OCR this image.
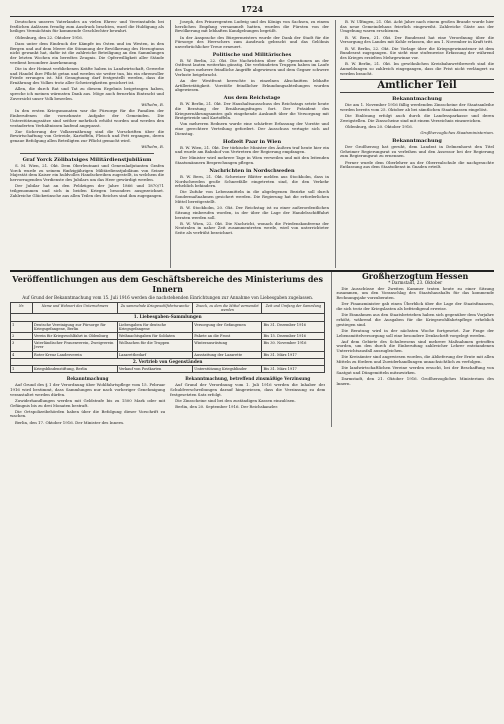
1724

Deutschen unseres Vaterlandes an vielen Ehren- und Vereinstafeln bei festlichen Anlässen freudig zum Ausdruck brachten, ward die Huldigung als heiliges Vermächtnis für kommende Geschlechter bewahrt.

Oldenburg, den 22. Oktober 1916.

Dass unter dem Eindruck der Kämpfe im Osten und im Westen, in den Bergen und auf dem Meere die Stimmung der Bevölkerung des Herzogtums nicht gewankt hat, dafür ist die zahlreiche Beteiligung an den Sammlungen der letzten Wochen ein beredtes Zeugnis. Die Opferwilligkeit aller Stände verdient besondere Anerkennung.

Die in der Heimat verbliebenen Kräfte haben in Landwirtschaft, Gewerbe und Handel ihre Pflicht getan und werden sie weiter tun, bis ein ehrenvoller Friede errungen ist. Mit Genugtuung darf festgestellt werden, dass die Ernährung des Volkes trotz aller Schwierigkeiten gesichert ist.

Allen, die durch Rat und Tat zu diesem Ergebnis beigetragen haben, spreche ich meinen wärmsten Dank aus. Möge auch fernerhin Eintracht und Zuversicht unser Volk beseelen.

Wilhelm, R.

In den ersten Kriegsmonaten war die Fürsorge für die Familien der Einberufenen die vornehmste Aufgabe der Gemeinden. Die Unterstützungssätze sind seither mehrfach erhöht worden und werden den veränderten Verhältnissen laufend angepasst.

Zur Sicherung der Volksernährung sind die Vorschriften über die Bewirtschaftung von Getreide, Kartoffeln, Fleisch und Fett ergangen, deren genaue Befolgung allen Beteiligten zur Pflicht gemacht wird.

Wilhelm, R.
Graf Yorck Zölibatsiges Militärdienstjubiläum

S. M. Wien, 21. Okt. Dem Oberleutnant und Generaladjutanten Grafen Yorck wurde zu seinem fünfzigjährigen Militärdienstjubiläum von Seiner Majestät dem Kaiser ein huldvolles Handschreiben zugestellt, in welchem die hervorragenden Verdienste des Jubilars um das Heer gewürdigt werden.

Der Jubilar hat an den Feldzügen der Jahre 1866 und 1870/71 teilgenommen und sich in beiden Kriegen besonders ausgezeichnet. Zahlreiche Glückwünsche aus allen Teilen des Reiches sind ihm zugegangen.

Joseph, des Prinzregenten Ludwig und des Königs von Sachsen, zu einem herzlichen Empfang versammelt hatten, wurden die Fürsten von der Bevölkerung mit lebhaften Kundgebungen begrüßt.

In der Ansprache des Bürgermeisters wurde der Dank der Stadt für die Fürsorge des Herrschers zum Ausdruck gebracht und das Gelöbnis unverbrüchlicher Treue erneuert.

Politische und Militärisches

B. W. Berlin, 22. Okt. Die Nachrichten über die Operationen an der Ostfront lauten weiterhin günstig. Die verbündeten Truppen haben im Laufe des Tages mehrere feindliche Angriffe abgewiesen und dem Gegner schwere Verluste beigebracht.

An der Westfront herrschte in einzelnen Abschnitten lebhafte Artillerietätigkeit. Vorstöße feindlicher Erkundungsabteilungen wurden abgewiesen.

Aus dem Reichstage

B. W. Berlin, 21. Okt. Der Haushaltsausschuss des Reichstags setzte heute die Beratung der Ernährungsfragen fort. Der Präsident des Kriegsernährungsamtes gab eingehende Auskunft über die Versorgung mit Brotgetreide und Kartoffeln.

Von mehreren Rednern wurde eine schärfere Erfassung der Vorräte und eine gerechtere Verteilung gefordert. Der Ausschuss vertagte sich auf Dienstag.

Hofzeit Paar in Wien

B. W. Wien, 21. Okt. Der türkische Minister des Äußern traf heute hier ein und wurde am Bahnhof von Vertretern der Regierung empfangen.

Der Minister wird mehrere Tage in Wien verweilen und mit den leitenden Staatsmännern Besprechungen pflegen.

Nachrichten in Nordschweden

B. W. Bern, 21. Okt. Schweizer Blätter melden aus Stockholm, dass in Nordschweden große Schneefälle eingetreten sind, die den Verkehr erheblich behindern.

Die Zufuhr von Lebensmitteln in die abgelegenen Bezirke soll durch Sondermaßnahmen gesichert werden. Die Regierung hat die erforderlichen Mittel bereitgestellt.

B. W. Stockholm, 20. Okt. Der Reichstag ist zu einer außerordentlichen Sitzung einberufen worden, in der über die Lage der Handelsschifffahrt beraten werden soll.

B. W. Wien, 22. Okt. Die Nachricht, wonach die Friedenskonferenz der Neutralen in naher Zeit zusammentreten werde, wird von unterrichteter Seite als verfrüht bezeichnet.

B. W. Ulfingen, 21. Okt. Acht Jahre nach einem großen Brande wurde hier das neue Gemeindehaus feierlich eingeweiht. Zahlreiche Gäste aus der Umgebung waren erschienen.

B. W. Bern, 21. Okt. Der Bundesrat hat eine Verordnung über die Versorgung des Landes mit Kohle erlassen, die am 1. November in Kraft tritt.

B. W. Berlin, 22. Okt. Die Vorlage über die Kriegsgewinnsteuer ist dem Bundesrat zugegangen. Sie sieht eine stufenweise Erfassung der während des Krieges erzielten Mehrgewinne vor.

B. W. Berlin, 21. Okt. Im gewöhnlichen Kreisbahnwettbewerb sind die Anmeldungen so zahlreich eingegangen, dass die Frist nicht verlängert zu werden braucht.

Amtlicher Teil
Bekanntmachung

Die am 1. November 1916 fällig werdenden Zinsscheine der Staatsanleihe werden bereits vom 25. Oktober ab bei sämtlichen Staatskassen eingelöst.

Die Einlösung erfolgt auch durch die Landessparkasse und deren Zweigstellen. Die Zinsscheine sind mit einem Verzeichnis einzureichen.

Oldenburg, den 20. Oktober 1916.

Großherzogliches Staatsministerium.
Bekanntmachung

Der Großherzog hat geruht, dem Landrat in Delmenhorst den Titel Geheimer Regierungsrat zu verleihen und den Assessor bei der Regierung zum Regierungsrat zu ernennen.

Ferner wurde dem Oberlehrer an der Oberrealschule die nachgesuchte Entlassung aus dem Staatsdienst in Gnaden erteilt.

Veröffentlichungen aus dem Geschäftsbereiche des Ministeriums des Innern
Auf Grund der Bekanntmachung vom 15. Juli 1916 werden die nachstehenden Einrichtungen zur Annahme von Liebesgaben zugelassen.
Nr.	Name und Wohnort des Unternehmers	Zu sammelnde Kriegswohlfahrtszwecke	Zweck, zu dem die Mittel verwendet werden	Zeit und Umfang der Sammlung
1. Liebesgaben-Sammlungen				
1	Deutsche Vereinigung zur Fürsorge für Kriegsgefangene, Berlin	Liebesgaben für deutsche Kriegsgefangene	Versorgung der Gefangenen	Bis 31. Dezember 1916
2	Verein für Kriegswohlfahrt in Oldenburg	Weihnachtsgaben für Soldaten	Pakete an die Front	Bis 15. Dezember 1916
3	Vaterländischer Frauenverein, Zweigverein Jever	Wollsachen für die Truppen	Winterausrüstung	Bis 30. November 1916
4	Roter Kreuz Landesverein	Lazarettbedarf	Ausstattung der Lazarette	Bis 31. März 1917
2. Vertrieb von Gegenständen				
1	Kriegsblindenstiftung, Berlin	Verkauf von Postkarten	Unterstützung Kriegsblinder	Bis 31. März 1917
Bekanntmachung

Auf Grund des § 1 der Verordnung über Wohlfahrtspflege vom 15. Februar 1916 wird bestimmt, dass Sammlungen nur nach vorheriger Genehmigung veranstaltet werden dürfen.

Zuwiderhandlungen werden mit Geldstrafe bis zu 1500 Mark oder mit Gefängnis bis zu drei Monaten bestraft.

Die Ortspolizeibehörden haben über die Befolgung dieser Vorschrift zu wachen.

Berlin, den 17. Oktober 1916. Der Minister des Innern.

Bekanntmachung, betreffend zinsmäßige Verzinsung

Auf Grund der Verordnung vom 1. Juli 1916 werden die Inhaber der Schuldverschreibungen darauf hingewiesen, dass die Verzinsung zu dem festgesetzten Satz erfolgt.

Die Zinsscheine sind bei den zuständigen Kassen einzulösen.

Berlin, den 20. September 1916. Der Reichskanzler.

Großherzogtum Hessen
* Darmstadt, 23. Oktober

Die Ausschüsse der Zweiten Kammer traten heute zu einer Sitzung zusammen, um den Voranschlag des Staatshaushalts für das kommende Rechnungsjahr vorzuberaten.

Der Finanzminister gab einen Überblick über die Lage der Staatsfinanzen, die sich trotz der Kriegslasten als befriedigend erweise.

Die Einnahmen aus den Staatsbetrieben haben sich gegenüber dem Vorjahre erhöht, während die Ausgaben für die Kriegswohlfahrtspflege erheblich gestiegen sind.

Die Beratung wird in der nächsten Woche fortgesetzt. Zur Frage der Lebensmittelversorgung soll eine besondere Denkschrift vorgelegt werden.

Auf dem Gebiete des Schulwesens sind mehrere Maßnahmen getroffen worden, um den durch die Einberufung zahlreicher Lehrer entstandenen Unterrichtsausfall auszugleichen.

Die Kreisämter sind angewiesen worden, die Ablieferung der Ernte mit allen Mitteln zu fördern und Zuwiderhandlungen unnachsichtlich zu verfolgen.

Die landwirtschaftlichen Vereine werden ersucht, bei der Beschaffung von Saatgut und Düngemitteln mitzuwirken.

Darmstadt, den 21. Oktober 1916. Großherzogliches Ministerium des Innern.
